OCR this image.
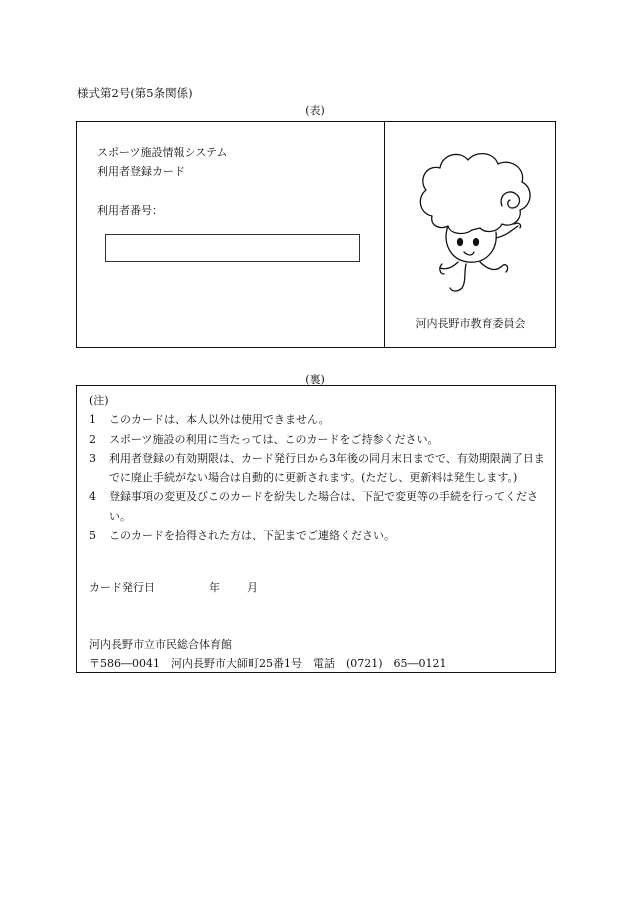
様式第2号(第5条関係)
(表)
スポーツ施設情報システム
利用者登録カード
利用者番号：
河内長野市教育委員会
(裏)
(注)
1	このカードは、本人以外は使用できません。
2	スポーツ施設の利用に当たっては、このカードをご持参ください。
3	利用者登録の有効期限は、カード発行日から3年後の同月末日までで、有効期限満了日までに廃止手続がない場合は自動的に更新されます。(ただし、更新料は発生します。)
4	登録事項の変更及びこのカードを紛失した場合は、下記で変更等の手続を行ってください。
5	このカードを拾得された方は、下記までご連絡ください。
カード発行日	年 月
河内長野市立市民総合体育館
〒586―0041　河内長野市大師町25番1号　電話　(0721)　65―0121
